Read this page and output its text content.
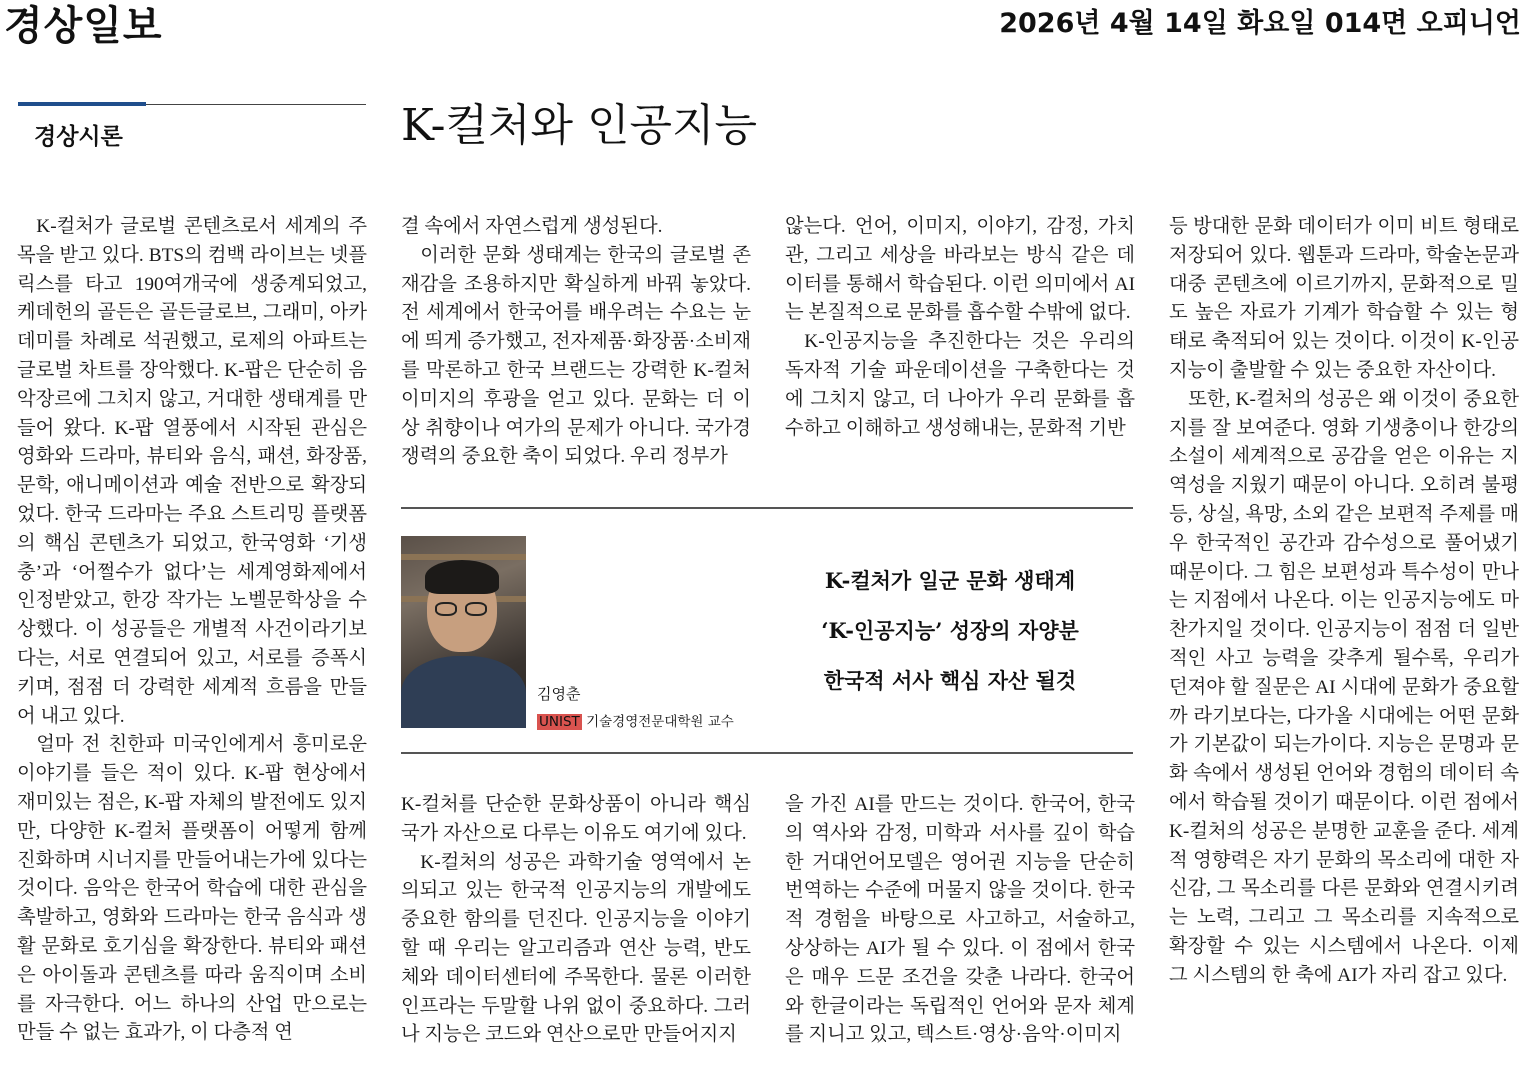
경상일보	2026년 4월 14일 화요일 014면 오피니언
경상시론	K-컬처와 인공지능

K-컬처가 글로벌 콘텐츠로서 세계의 주목을 받고 있다. BTS의 컴백 라이브는 넷플릭스를 타고 190여개국에 생중계되었고, 케데헌의 골든은 골든글로브, 그래미, 아카데미를 차례로 석권했고, 로제의 아파트는 글로벌 차트를 장악했다. K-팝은 단순히 음악장르에 그치지 않고, 거대한 생태계를 만들어 왔다. K-팝 열풍에서 시작된 관심은 영화와 드라마, 뷰티와 음식, 패션, 화장품, 문학, 애니메이션과 예술 전반으로 확장되었다. 한국 드라마는 주요 스트리밍 플랫폼의 핵심 콘텐츠가 되었고, 한국영화 ‘기생충’과 ‘어쩔수가 없다’는 세계영화제에서 인정받았고, 한강 작가는 노벨문학상을 수상했다. 이 성공들은 개별적 사건이라기보다는, 서로 연결되어 있고, 서로를 증폭시키며, 점점 더 강력한 세계적 흐름을 만들어 내고 있다.

얼마 전 친한파 미국인에게서 흥미로운 이야기를 들은 적이 있다. K-팝 현상에서 재미있는 점은, K-팝 자체의 발전에도 있지만, 다양한 K-컬처 플랫폼이 어떻게 함께 진화하며 시너지를 만들어내는가에 있다는 것이다. 음악은 한국어 학습에 대한 관심을 촉발하고, 영화와 드라마는 한국 음식과 생활 문화로 호기심을 확장한다. 뷰티와 패션은 아이돌과 콘텐츠를 따라 움직이며 소비를 자극한다. 어느 하나의 산업 만으로는 만들 수 없는 효과가, 이 다층적 연

결 속에서 자연스럽게 생성된다.

이러한 문화 생태계는 한국의 글로벌 존재감을 조용하지만 확실하게 바꿔 놓았다. 전 세계에서 한국어를 배우려는 수요는 눈에 띄게 증가했고, 전자제품·화장품·소비재를 막론하고 한국 브랜드는 강력한 K-컬처 이미지의 후광을 얻고 있다. 문화는 더 이상 취향이나 여가의 문제가 아니다. 국가경쟁력의 중요한 축이 되었다. 우리 정부가

않는다. 언어, 이미지, 이야기, 감정, 가치관, 그리고 세상을 바라보는 방식 같은 데이터를 통해서 학습된다. 이런 의미에서 AI는 본질적으로 문화를 흡수할 수밖에 없다.

K-인공지능을 추진한다는 것은 우리의 독자적 기술 파운데이션을 구축한다는 것에 그치지 않고, 더 나아가 우리 문화를 흡수하고 이해하고 생성해내는, 문화적 기반

김영춘
UNIST 기술경영전문대학원 교수
K-컬처가 일군 문화 생태계
‘K-인공지능’ 성장의 자양분
한국적 서사 핵심 자산 될것

K-컬처를 단순한 문화상품이 아니라 핵심국가 자산으로 다루는 이유도 여기에 있다.

K-컬처의 성공은 과학기술 영역에서 논의되고 있는 한국적 인공지능의 개발에도 중요한 함의를 던진다. 인공지능을 이야기할 때 우리는 알고리즘과 연산 능력, 반도체와 데이터센터에 주목한다. 물론 이러한 인프라는 두말할 나위 없이 중요하다. 그러나 지능은 코드와 연산으로만 만들어지지

을 가진 AI를 만드는 것이다. 한국어, 한국의 역사와 감정, 미학과 서사를 깊이 학습한 거대언어모델은 영어권 지능을 단순히 번역하는 수준에 머물지 않을 것이다. 한국적 경험을 바탕으로 사고하고, 서술하고, 상상하는 AI가 될 수 있다. 이 점에서 한국은 매우 드문 조건을 갖춘 나라다. 한국어와 한글이라는 독립적인 언어와 문자 체계를 지니고 있고, 텍스트·영상·음악·이미지

등 방대한 문화 데이터가 이미 비트 형태로 저장되어 있다. 웹툰과 드라마, 학술논문과 대중 콘텐츠에 이르기까지, 문화적으로 밀도 높은 자료가 기계가 학습할 수 있는 형태로 축적되어 있는 것이다. 이것이 K-인공지능이 출발할 수 있는 중요한 자산이다.

또한, K-컬처의 성공은 왜 이것이 중요한지를 잘 보여준다. 영화 기생충이나 한강의 소설이 세계적으로 공감을 얻은 이유는 지역성을 지웠기 때문이 아니다. 오히려 불평등, 상실, 욕망, 소외 같은 보편적 주제를 매우 한국적인 공간과 감수성으로 풀어냈기 때문이다. 그 힘은 보편성과 특수성이 만나는 지점에서 나온다. 이는 인공지능에도 마찬가지일 것이다. 인공지능이 점점 더 일반적인 사고 능력을 갖추게 될수록, 우리가 던져야 할 질문은 AI 시대에 문화가 중요할까 라기보다는, 다가올 시대에는 어떤 문화가 기본값이 되는가이다. 지능은 문명과 문화 속에서 생성된 언어와 경험의 데이터 속에서 학습될 것이기 때문이다. 이런 점에서 K-컬처의 성공은 분명한 교훈을 준다. 세계적 영향력은 자기 문화의 목소리에 대한 자신감, 그 목소리를 다른 문화와 연결시키려는 노력, 그리고 그 목소리를 지속적으로 확장할 수 있는 시스템에서 나온다. 이제 그 시스템의 한 축에 AI가 자리 잡고 있다.
